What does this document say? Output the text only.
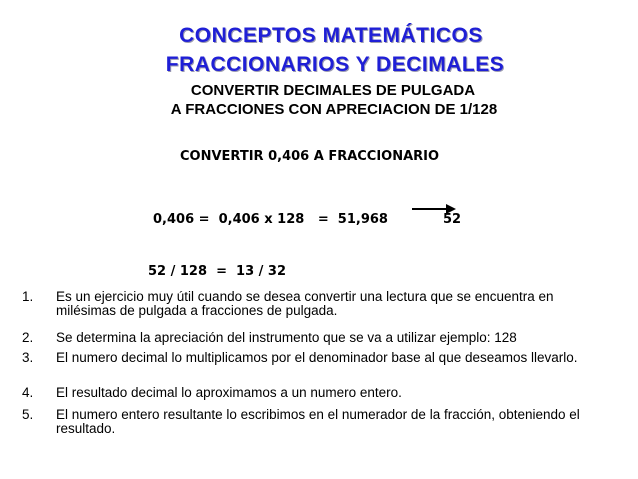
CONCEPTOS MATEMÁTICOS
FRACCIONARIOS Y DECIMALES
CONVERTIR DECIMALES DE PULGADA
A FRACCIONES CON APRECIACION DE 1/128
CONVERTIR 0,406 A FRACCIONARIO
0,406 =  0,406 x 128   =  51,968	52
52 / 128  =  13 / 32
1. Es un ejercicio muy útil cuando se desea convertir una lectura que se encuentra en milésimas de pulgada a fracciones de pulgada.
2. Se determina la apreciación del instrumento que se va a utilizar ejemplo: 128
3. El numero decimal lo multiplicamos por el denominador base al que deseamos llevarlo.
4. El resultado decimal lo aproximamos a un numero entero.
5. El numero entero resultante lo escribimos en el numerador de la fracción, obteniendo el resultado.
